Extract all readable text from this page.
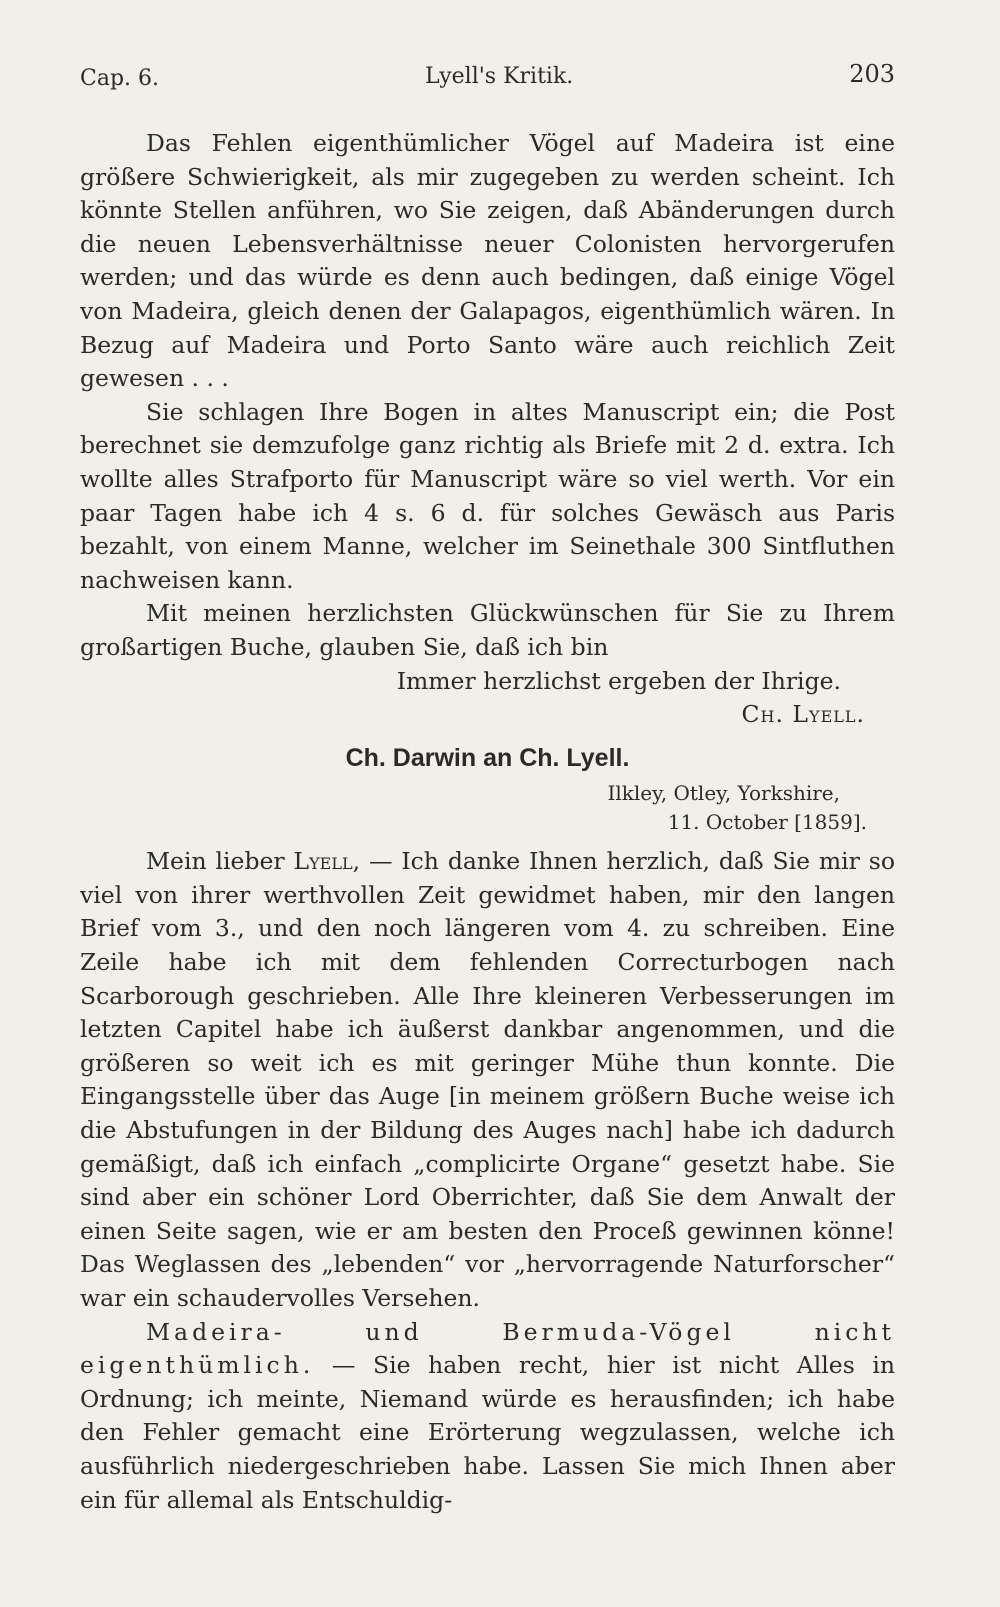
Cap. 6.	Lyell's Kritik.	203

Das Fehlen eigenthümlicher Vögel auf Madeira ist eine größere Schwierigkeit, als mir zugegeben zu werden scheint. Ich könnte Stellen anführen, wo Sie zeigen, daß Abänderungen durch die neuen Lebensverhältnisse neuer Colonisten hervorgerufen werden; und das würde es denn auch bedingen, daß einige Vögel von Madeira, gleich denen der Galapagos, eigenthümlich wären. In Bezug auf Madeira und Porto Santo wäre auch reichlich Zeit gewesen . . .

Sie schlagen Ihre Bogen in altes Manuscript ein; die Post berechnet sie demzufolge ganz richtig als Briefe mit 2 d. extra. Ich wollte alles Strafporto für Manuscript wäre so viel werth. Vor ein paar Tagen habe ich 4 s. 6 d. für solches Gewäsch aus Paris bezahlt, von einem Manne, welcher im Seinethale 300 Sintfluthen nachweisen kann.

Mit meinen herzlichsten Glückwünschen für Sie zu Ihrem großartigen Buche, glauben Sie, daß ich bin

Immer herzlichst ergeben der Ihrige.
Ch. Lyell.
Ch. Darwin an Ch. Lyell.
Ilkley, Otley, Yorkshire,
11. October [1859].

Mein lieber Lyell, — Ich danke Ihnen herzlich, daß Sie mir so viel von ihrer werthvollen Zeit gewidmet haben, mir den langen Brief vom 3., und den noch längeren vom 4. zu schreiben. Eine Zeile habe ich mit dem fehlenden Correcturbogen nach Scarborough geschrieben. Alle Ihre kleineren Verbesserungen im letzten Capitel habe ich äußerst dankbar angenommen, und die größeren so weit ich es mit geringer Mühe thun konnte. Die Eingangsstelle über das Auge [in meinem größern Buche weise ich die Abstufungen in der Bildung des Auges nach] habe ich dadurch gemäßigt, daß ich einfach „complicirte Organe“ gesetzt habe. Sie sind aber ein schöner Lord Oberrichter, daß Sie dem Anwalt der einen Seite sagen, wie er am besten den Proceß gewinnen könne! Das Weglassen des „lebenden“ vor „hervorragende Naturforscher“ war ein schaudervolles Versehen.

Madeira- und Bermuda-Vögel nicht eigenthümlich. — Sie haben recht, hier ist nicht Alles in Ordnung; ich meinte, Niemand würde es herausfinden; ich habe den Fehler gemacht eine Erörterung wegzulassen, welche ich ausführlich niedergeschrieben habe. Lassen Sie mich Ihnen aber ein für allemal als Entschuldig-
